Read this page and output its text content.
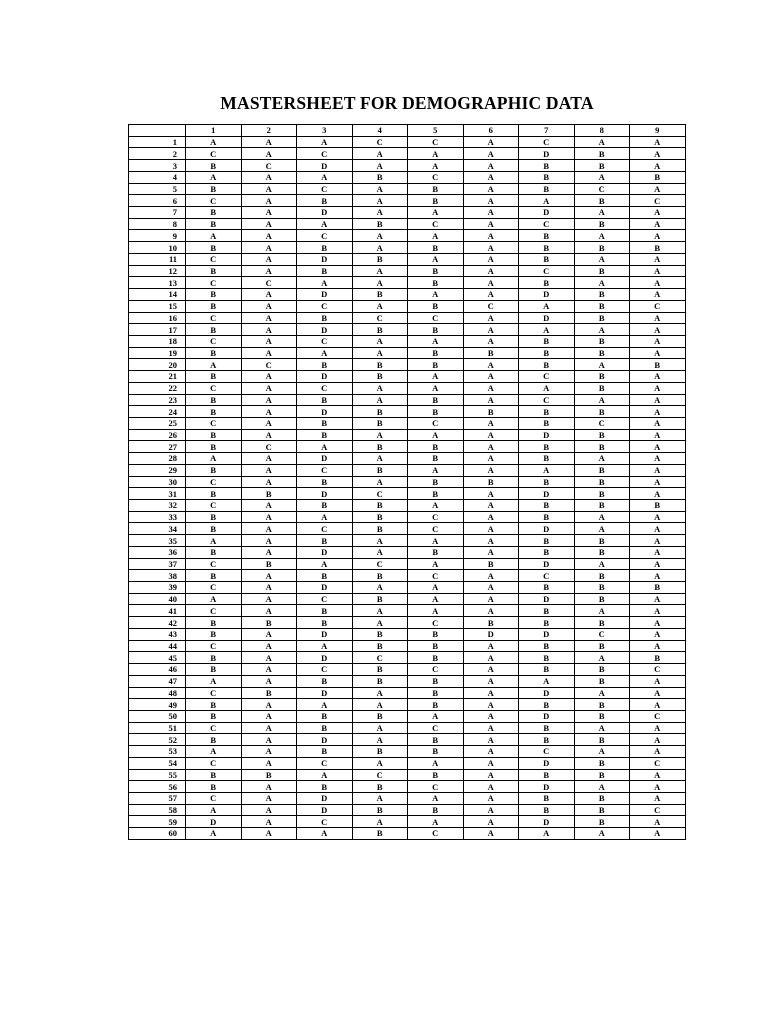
MASTERSHEET FOR DEMOGRAPHIC DATA
	1	2	3	4	5	6	7	8	9
1	A	A	A	C	C	A	C	A	A
2	C	A	C	A	A	A	D	B	A
3	B	C	D	A	A	A	B	B	A
4	A	A	A	B	C	A	B	A	B
5	B	A	C	A	B	A	B	C	A
6	C	A	B	A	B	A	A	B	C
7	B	A	D	A	A	A	D	A	A
8	B	A	A	B	C	A	C	B	A
9	A	A	C	A	A	A	B	A	A
10	B	A	B	A	B	A	B	B	B
11	C	A	D	B	A	A	B	A	A
12	B	A	B	A	B	A	C	B	A
13	C	C	A	A	B	A	B	A	A
14	B	A	D	B	A	A	D	B	A
15	B	A	C	A	B	C	A	B	C
16	C	A	B	C	C	A	D	B	A
17	B	A	D	B	B	A	A	A	A
18	C	A	C	A	A	A	B	B	A
19	B	A	A	A	B	B	B	B	A
20	A	C	B	B	B	A	B	A	B
21	B	A	D	B	A	A	C	B	A
22	C	A	C	A	A	A	A	B	A
23	B	A	B	A	B	A	C	A	A
24	B	A	D	B	B	B	B	B	A
25	C	A	B	B	C	A	B	C	A
26	B	A	B	A	A	A	D	B	A
27	B	C	A	B	B	A	B	B	A
28	A	A	D	A	B	A	B	A	A
29	B	A	C	B	A	A	A	B	A
30	C	A	B	A	B	B	B	B	A
31	B	B	D	C	B	A	D	B	A
32	C	A	B	B	A	A	B	B	B
33	B	A	A	B	C	A	B	A	A
34	B	A	C	B	C	A	D	A	A
35	A	A	B	A	A	A	B	B	A
36	B	A	D	A	B	A	B	B	A
37	C	B	A	C	A	B	D	A	A
38	B	A	B	B	C	A	C	B	A
39	C	A	D	A	A	A	B	B	B
40	A	A	C	B	A	A	D	B	A
41	C	A	B	A	A	A	B	A	A
42	B	B	B	A	C	B	B	B	A
43	B	A	D	B	B	D	D	C	A
44	C	A	A	B	B	A	B	B	A
45	B	A	D	C	B	A	B	A	B
46	B	A	C	B	C	A	B	B	C
47	A	A	B	B	B	A	A	B	A
48	C	B	D	A	B	A	D	A	A
49	B	A	A	A	B	A	B	B	A
50	B	A	B	B	A	A	D	B	C
51	C	A	B	A	C	A	B	A	A
52	B	A	D	A	B	A	B	B	A
53	A	A	B	B	B	A	C	A	A
54	C	A	C	A	A	A	D	B	C
55	B	B	A	C	B	A	B	B	A
56	B	A	B	B	C	A	D	A	A
57	C	A	D	A	A	A	B	B	A
58	A	A	D	B	B	A	B	B	C
59	D	A	C	A	A	A	D	B	A
60	A	A	A	B	C	A	A	A	A
